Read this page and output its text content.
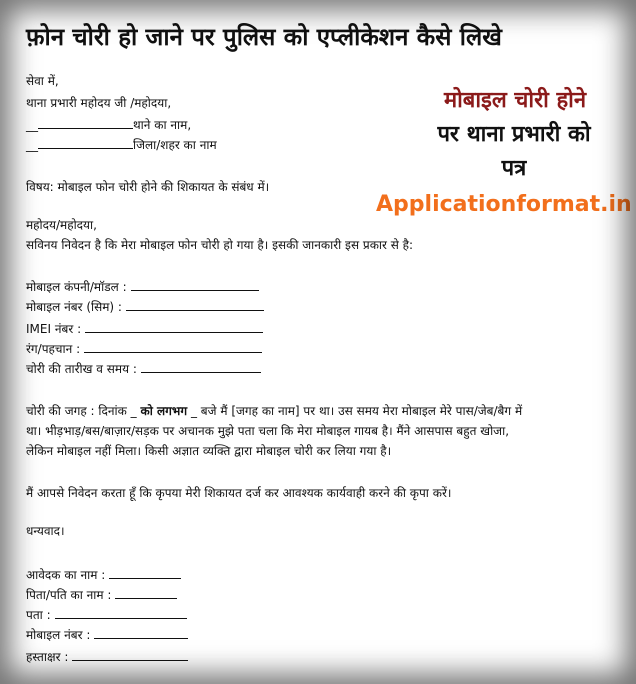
फ़ोन चोरी हो जाने पर पुलिस को एप्लीकेशन कैसे लिखे
सेवा में,
थाना प्रभारी महोदय जी /महोदया,
__	थाने का नाम,
__	जिला/शहर का नाम
मोबाइल चोरी होने
पर थाना प्रभारी को
पत्र
Applicationformat.in
विषय: मोबाइल फोन चोरी होने की शिकायत के संबंध में।
महोदय/महोदया,
सविनय निवेदन है कि मेरा मोबाइल फोन चोरी हो गया है। इसकी जानकारी इस प्रकार से है:
मोबाइल कंपनी/मॉडल :
मोबाइल नंबर (सिम) :
IMEI नंबर :
रंग/पहचान :
चोरी की तारीख व समय :
चोरी की जगह : दिनांक _ को लगभग _ बजे मैं [जगह का नाम] पर था। उस समय मेरा मोबाइल मेरे पास/जेब/बैग में
था। भीड़भाड़/बस/बाज़ार/सड़क पर अचानक मुझे पता चला कि मेरा मोबाइल गायब है। मैंने आसपास बहुत खोजा,
लेकिन मोबाइल नहीं मिला। किसी अज्ञात व्यक्ति द्वारा मोबाइल चोरी कर लिया गया है।
मैं आपसे निवेदन करता हूँ कि कृपया मेरी शिकायत दर्ज कर आवश्यक कार्यवाही करने की कृपा करें।
धन्यवाद।
आवेदक का नाम :
पिता/पति का नाम :
पता :
मोबाइल नंबर :
हस्ताक्षर :
